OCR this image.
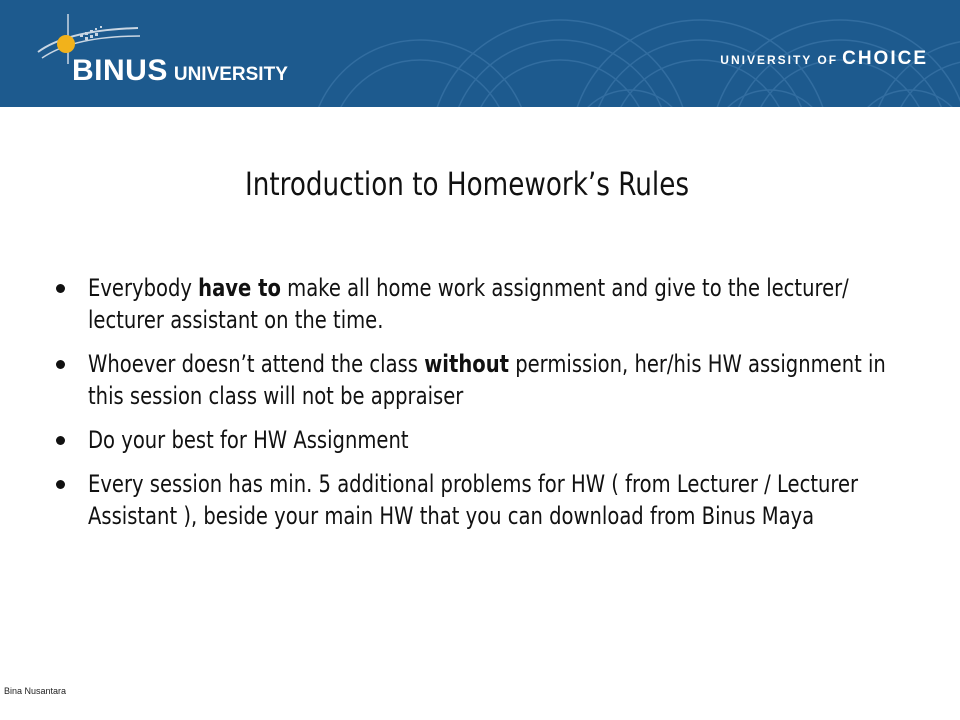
BINUS UNIVERSITY
UNIVERSITY OF CHOICE
Introduction to Homework’s Rules
Everybody have to make all home work assignment and give to the lecturer/ lecturer assistant on the time.
Whoever doesn’t attend the class without permission, her/his HW assignment in this session class will not be appraiser
Do your best for HW Assignment
Every session has min. 5 additional problems for HW ( from Lecturer / Lecturer Assistant ), beside your main HW that you can download from Binus Maya
Bina Nusantara
